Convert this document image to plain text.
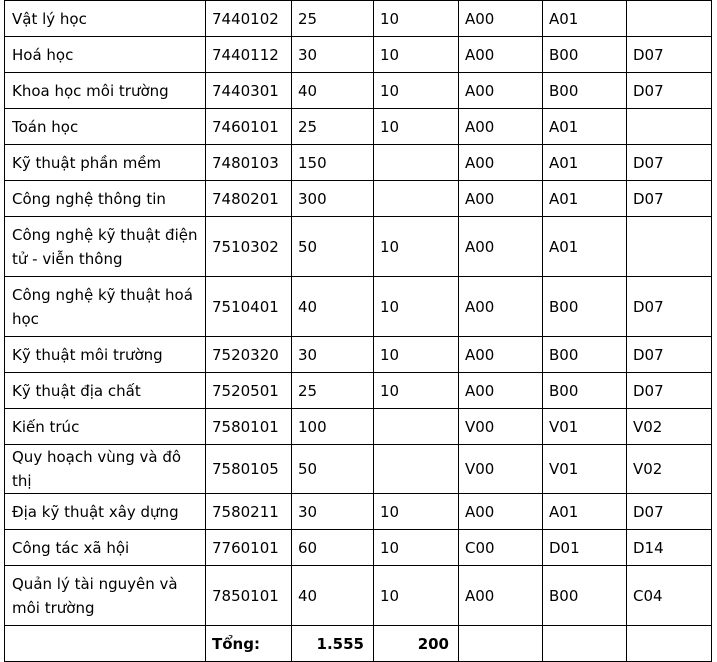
Vật lý học	7440102	25	10	A00	A01	
Hoá học	7440112	30	10	A00	B00	D07
Khoa học môi trường	7440301	40	10	A00	B00	D07
Toán học	7460101	25	10	A00	A01	
Kỹ thuật phần mềm	7480103	150		A00	A01	D07
Công nghệ thông tin	7480201	300		A00	A01	D07
Công nghệ kỹ thuật điện tử - viễn thông	7510302	50	10	A00	A01	
Công nghệ kỹ thuật hoá học	7510401	40	10	A00	B00	D07
Kỹ thuật môi trường	7520320	30	10	A00	B00	D07
Kỹ thuật địa chất	7520501	25	10	A00	B00	D07
Kiến trúc	7580101	100		V00	V01	V02
Quy hoạch vùng và đô thị	7580105	50		V00	V01	V02
Địa kỹ thuật xây dựng	7580211	30	10	A00	A01	D07
Công tác xã hội	7760101	60	10	C00	D01	D14
Quản lý tài nguyên và môi trường	7850101	40	10	A00	B00	C04
	Tổng:	1.555	200			
